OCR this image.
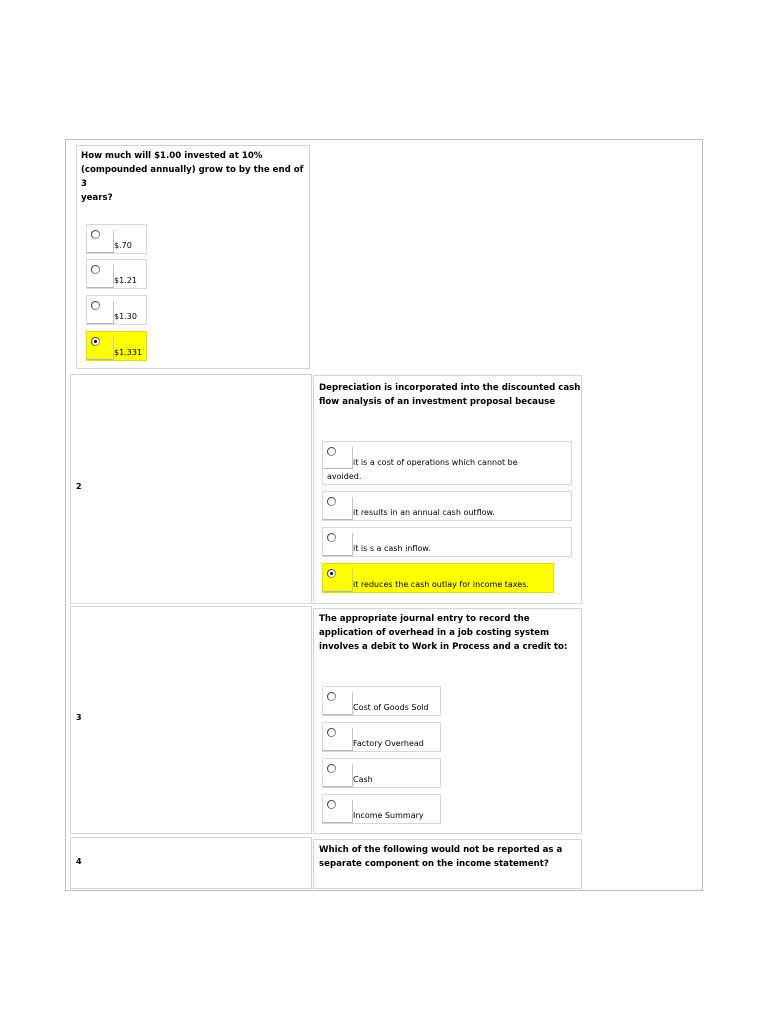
How much will $1.00 invested at 10%
(compounded annually) grow to by the end of 3
years?
$.70
$1.21
$1.30
$1.331
2
Depreciation is incorporated into the discounted cash
flow analysis of an investment proposal because
it is a cost of operations which cannot be
avoided.
it results in an annual cash outflow.
it is s a cash inflow.
it reduces the cash outlay for income taxes.
3
The appropriate journal entry to record the
application of overhead in a job costing system
involves a debit to Work in Process and a credit to:
Cost of Goods Sold
Factory Overhead
Cash
Income Summary
4
Which of the following would not be reported as a
separate component on the income statement?
